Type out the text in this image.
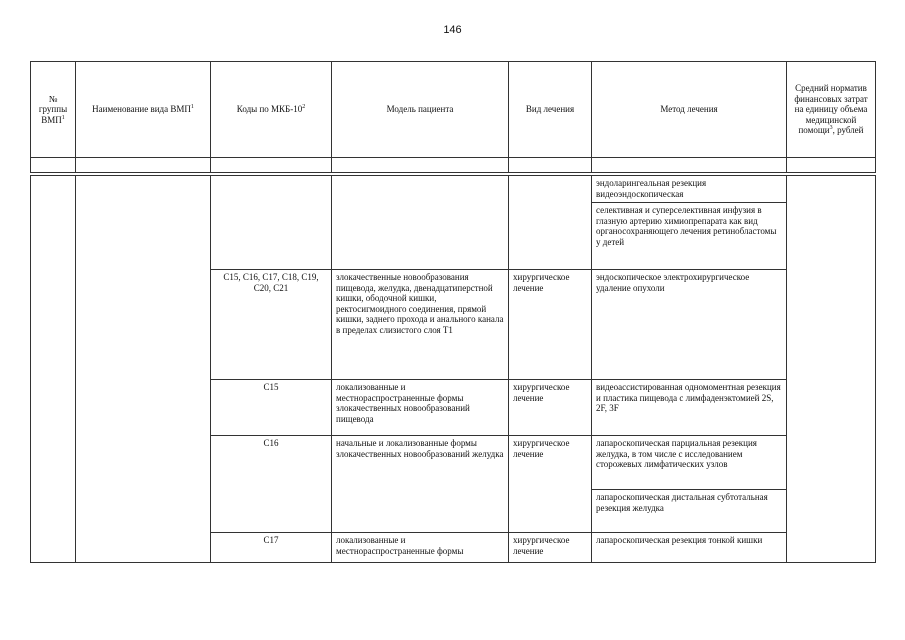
146
№ группы ВМП$^1$	Наименование вида ВМП$^1$	Коды по МКБ-$10^2$	Модель пациента	Вид лечения	Метод лечения	Средний норматив финансовых затрат на единицу объема медицинской помощи$^3$, рублей

					эндоларингеальная резекция видеоэндоскопическая	
					селективная и суперселективная инфузия в глазную артерию химиопрепарата как вид органосохраняющего лечения ретинобластомы у детей	
		C15, C16, C17, C18, C19, C20, C21	злокачественные новообразования пищевода, желудка, двенадцатиперстной кишки, ободочной кишки, ректосигмоидного соединения, прямой кишки, заднего прохода и анального канала в пределах слизистого слоя T1	хирургическое лечение	эндоскопическое электрохирургическое удаление опухоли	
		C15	локализованные и местнораспространенные формы злокачественных новообразований пищевода	хирургическое лечение	видеоассистированная одномоментная резекция и пластика пищевода с лимфаденэктомией 2S, 2F, 3F	
		C16	начальные и локализованные формы злокачественных новообразований желудка	хирургическое лечение	лапароскопическая парциальная резекция желудка, в том числе с исследованием сторожевых лимфатических узлов	
					лапароскопическая дистальная субтотальная резекция желудка	
		C17	локализованные и местнораспространенные формы	хирургическое лечение	лапароскопическая резекция тонкой кишки	
